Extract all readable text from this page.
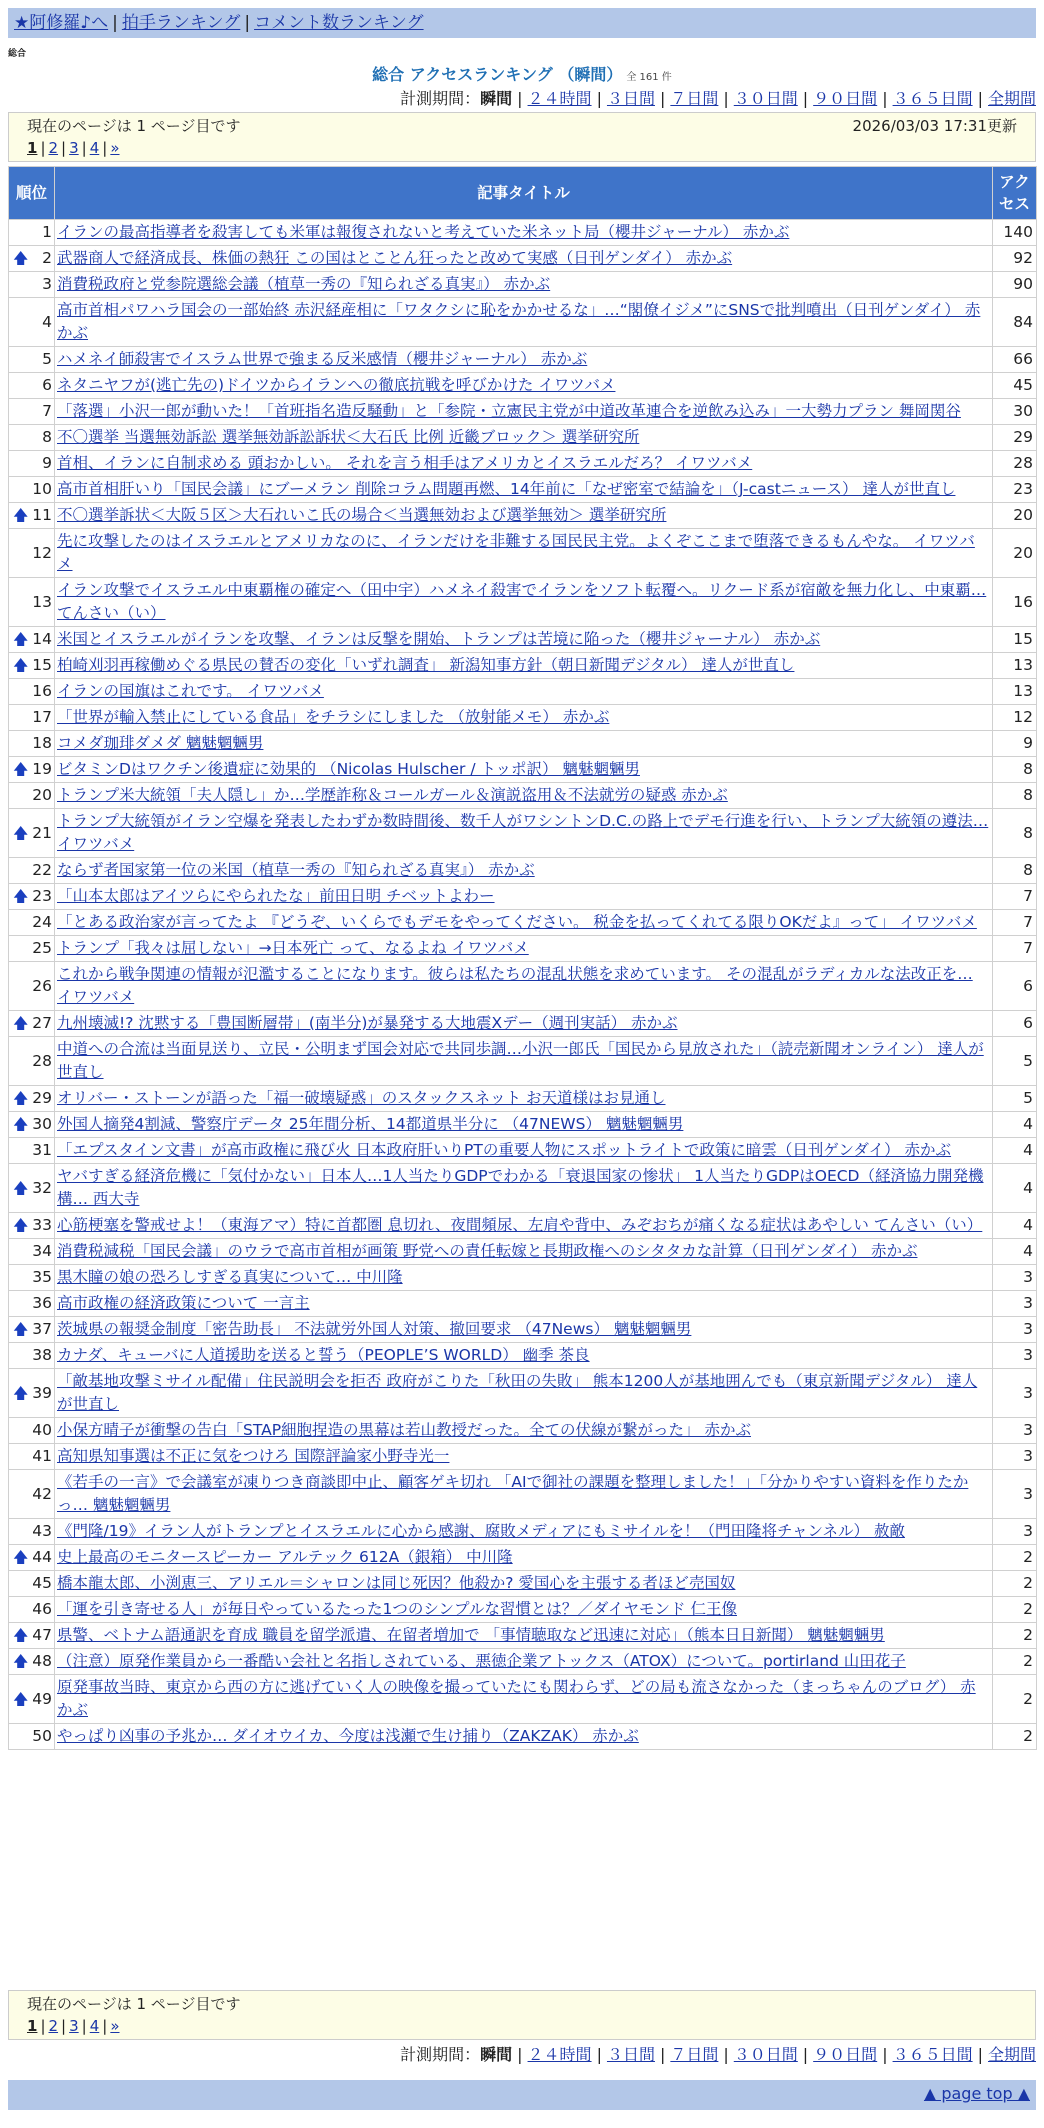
★阿修羅♪へ | 拍手ランキング | コメント数ランキング
総合
総合 アクセスランキング （瞬間） 全 161 件
計測期間：瞬間 | ２４時間 | ３日間 | ７日間 | ３０日間 | ９０日間 | ３６５日間 | 全期間
現在のページは 1 ページ目です	2026/03/03 17:31更新
1 | 2 | 3 | 4 | »
順位	記事タイトル	アクセス
1	イランの最高指導者を殺害しても米軍は報復されないと考えていた米ネット局（櫻井ジャーナル） 赤かぶ	140

🡅 2	武器商人で経済成長、株価の熱狂 この国はとことん狂ったと改めて実感（日刊ゲンダイ） 赤かぶ	92
3	消費税政府と党参院選総会議（植草一秀の『知られざる真実』） 赤かぶ	90
4	高市首相パワハラ国会の一部始終 赤沢経産相に「ワタクシに恥をかかせるな」…“閣僚イジメ”にSNSで批判噴出（日刊ゲンダイ） 赤かぶ	84
5	ハメネイ師殺害でイスラム世界で強まる反米感情（櫻井ジャーナル） 赤かぶ	66
6	ネタニヤフが(逃亡先の)ドイツからイランへの徹底抗戦を呼びかけた イワツバメ	45
7	「落選」小沢一郎が動いた！「首班指名造反騒動」と「参院・立憲民主党が中道改革連合を逆飲み込み」一大勢力プラン 舞岡関谷	30
8	不〇選挙 当選無効訴訟 選挙無効訴訟訴状＜大石氏 比例 近畿ブロック＞ 選挙研究所	29
9	首相、イランに自制求める 頭おかしい。 それを言う相手はアメリカとイスラエルだろ？ イワツバメ	28
10	高市首相肝いり「国民会議」にブーメラン 削除コラム問題再燃、14年前に「なぜ密室で結論を」（J-castニュース） 達人が世直し	23

🡅 11	不〇選挙訴状＜大阪５区＞大石れいこ氏の場合＜当選無効および選挙無効＞ 選挙研究所	20
12	先に攻撃したのはイスラエルとアメリカなのに、イランだけを非難する国民民主党。よくぞここまで堕落できるもんやな。 イワツバメ	20
13	イラン攻撃でイスラエル中東覇権の確定へ（田中宇）ハメネイ殺害でイランをソフト転覆へ。リクード系が宿敵を無力化し、中東覇… てんさい（い）	16

🡅 14	米国とイスラエルがイランを攻撃、イランは反撃を開始、トランプは苦境に陥った（櫻井ジャーナル） 赤かぶ	15

🡅 15	柏崎刈羽再稼働めぐる県民の賛否の変化「いずれ調査」 新潟知事方針（朝日新聞デジタル） 達人が世直し	13
16	イランの国旗はこれです。 イワツバメ	13
17	「世界が輸入禁止にしている食品」をチラシにしました （放射能メモ） 赤かぶ	12
18	コメダ珈琲ダメダ 魑魅魍魎男	9

🡅 19	ビタミンDはワクチン後遺症に効果的 （Nicolas Hulscher / トッポ訳） 魑魅魍魎男	8
20	トランプ米大統領「夫人隠し」か…学歴詐称＆コールガール＆演説盗用＆不法就労の疑惑 赤かぶ	8

🡅 21	トランプ大統領がイラン空爆を発表したわずか数時間後、数千人がワシントンD.C.の路上でデモ行進を行い、トランプ大統領の遵法… イワツバメ	8
22	ならず者国家第一位の米国（植草一秀の『知られざる真実』） 赤かぶ	8

🡅 23	「山本太郎はアイツらにやられたな」前田日明 チベットよわー	7
24	「とある政治家が言ってたよ 『どうぞ、いくらでもデモをやってください。 税金を払ってくれてる限りOKだよ』って」 イワツバメ	7
25	トランプ「我々は屈しない」→日本死亡 って、なるよね イワツバメ	7
26	これから戦争関連の情報が氾濫することになります。彼らは私たちの混乱状態を求めています。 その混乱がラディカルな法改正を… イワツバメ	6

🡅 27	九州壊滅!? 沈黙する「豊国断層帯」(南半分)が暴発する大地震Xデー（週刊実話） 赤かぶ	6
28	中道への合流は当面見送り、立民・公明まず国会対応で共同歩調…小沢一郎氏「国民から見放された」（読売新聞オンライン） 達人が世直し	5

🡅 29	オリバー・ストーンが語った「福一破壊疑惑」のスタックスネット お天道様はお見通し	5

🡅 30	外国人摘発4割減、警察庁データ 25年間分析、14都道県半分に （47NEWS） 魑魅魍魎男	4
31	「エプスタイン文書」が高市政権に飛び火 日本政府肝いりPTの重要人物にスポットライトで政策に暗雲（日刊ゲンダイ） 赤かぶ	4

🡅 32	ヤバすぎる経済危機に「気付かない」日本人…1人当たりGDPでわかる「衰退国家の惨状」 1人当たりGDPはOECD（経済協力開発機構… 西大寺	4

🡅 33	心筋梗塞を警戒せよ！（東海アマ）特に首都圏 息切れ、夜間頻尿、左肩や背中、みぞおちが痛くなる症状はあやしい てんさい（い）	4
34	消費税減税「国民会議」のウラで高市首相が画策 野党への責任転嫁と長期政権へのシタタカな計算（日刊ゲンダイ） 赤かぶ	4
35	黒木瞳の娘の恐ろしすぎる真実について… 中川隆	3
36	高市政権の経済政策について 一言主	3

🡅 37	茨城県の報奨金制度「密告助長」 不法就労外国人対策、撤回要求 （47News） 魑魅魍魎男	3
38	カナダ、キューバに人道援助を送ると誓う（PEOPLE’S WORLD） 幽季 茶良	3

🡅 39	「敵基地攻撃ミサイル配備」住民説明会を拒否 政府がこりた「秋田の失敗」 熊本1200人が基地囲んでも（東京新聞デジタル） 達人が世直し	3
40	小保方晴子が衝撃の告白「STAP細胞捏造の黒幕は若山教授だった。全ての伏線が繋がった」 赤かぶ	3
41	高知県知事選は不正に気をつけろ 国際評論家小野寺光一	3
42	《若手の一言》で会議室が凍りつき商談即中止、顧客ゲキ切れ 「AIで御社の課題を整理しました！」「分かりやすい資料を作りたかっ… 魑魅魍魎男	3
43	《門隆/19》イラン人がトランプとイスラエルに心から感謝、腐敗メディアにもミサイルを！（門田隆将チャンネル） 赦敵	3

🡅 44	史上最高のモニタースピーカー アルテック 612A（銀箱） 中川隆	2
45	橋本龍太郎、小渕恵三、アリエル＝シャロンは同じ死因？他殺か? 愛国心を主張する者ほど売国奴	2
46	「運を引き寄せる人」が毎日やっているたった1つのシンプルな習慣とは？／ダイヤモンド 仁王像	2

🡅 47	県警、ベトナム語通訳を育成 職員を留学派遣、在留者増加で 「事情聴取など迅速に対応」（熊本日日新聞） 魑魅魍魎男	2

🡅 48	（注意）原発作業員から一番酷い会社と名指しされている、悪徳企業アトックス（ATOX）について。portirland 山田花子	2

🡅 49	原発事故当時、東京から西の方に逃げていく人の映像を撮っていたにも関わらず、どの局も流さなかった（まっちゃんのブログ） 赤かぶ	2
50	やっぱり凶事の予兆か… ダイオウイカ、今度は浅瀬で生け捕り（ZAKZAK） 赤かぶ	2
現在のページは 1 ページ目です
1 | 2 | 3 | 4 | »
計測期間：瞬間 | ２４時間 | ３日間 | ７日間 | ３０日間 | ９０日間 | ３６５日間 | 全期間
▲ page top ▲
